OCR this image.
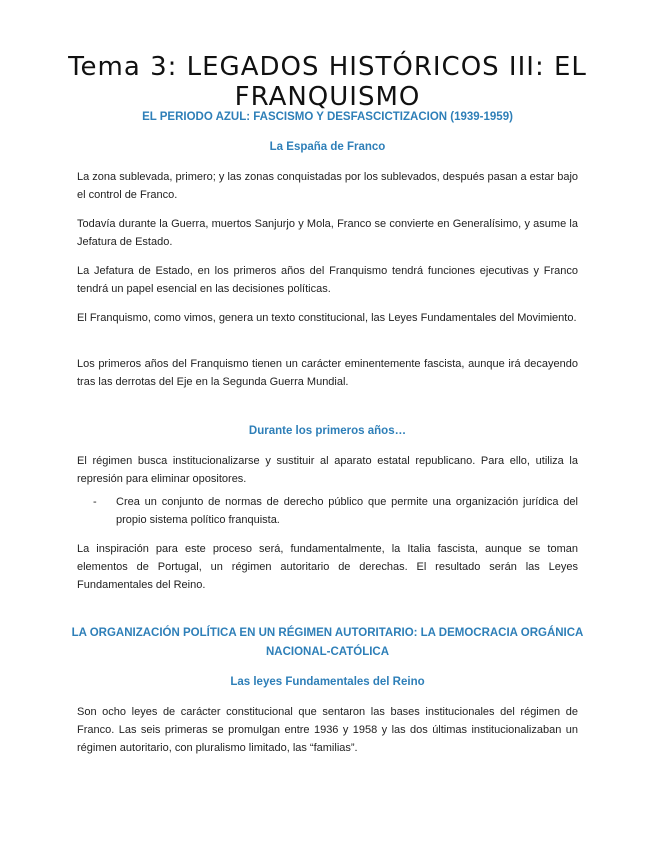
Tema 3: LEGADOS HISTÓRICOS III: EL FRANQUISMO

EL PERIODO AZUL: FASCISMO Y DESFASCICTIZACION (1939-1959)

La España de Franco

La zona sublevada, primero; y las zonas conquistadas por los sublevados, después pasan a estar bajo el control de Franco.

Todavía durante la Guerra, muertos Sanjurjo y Mola, Franco se convierte en Generalísimo, y asume la Jefatura de Estado.

La Jefatura de Estado, en los primeros años del Franquismo tendrá funciones ejecutivas y Franco tendrá un papel esencial en las decisiones políticas.

El Franquismo, como vimos, genera un texto constitucional, las Leyes Fundamentales del Movimiento.

Los primeros años del Franquismo tienen un carácter eminentemente fascista, aunque irá decayendo tras las derrotas del Eje en la Segunda Guerra Mundial.

Durante los primeros años…

El régimen busca institucionalizarse y sustituir al aparato estatal republicano. Para ello, utiliza la represión para eliminar opositores.

- Crea un conjunto de normas de derecho público que permite una organización jurídica del propio sistema político franquista.

La inspiración para este proceso será, fundamentalmente, la Italia fascista, aunque se toman elementos de Portugal, un régimen autoritario de derechas. El resultado serán las Leyes Fundamentales del Reino.

LA ORGANIZACIÓN POLÍTICA EN UN RÉGIMEN AUTORITARIO: LA DEMOCRACIA ORGÁNICA NACIONAL-CATÓLICA

Las leyes Fundamentales del Reino

Son ocho leyes de carácter constitucional que sentaron las bases institucionales del régimen de Franco. Las seis primeras se promulgan entre 1936 y 1958 y las dos últimas institucionalizaban un régimen autoritario, con pluralismo limitado, las “familias”.
